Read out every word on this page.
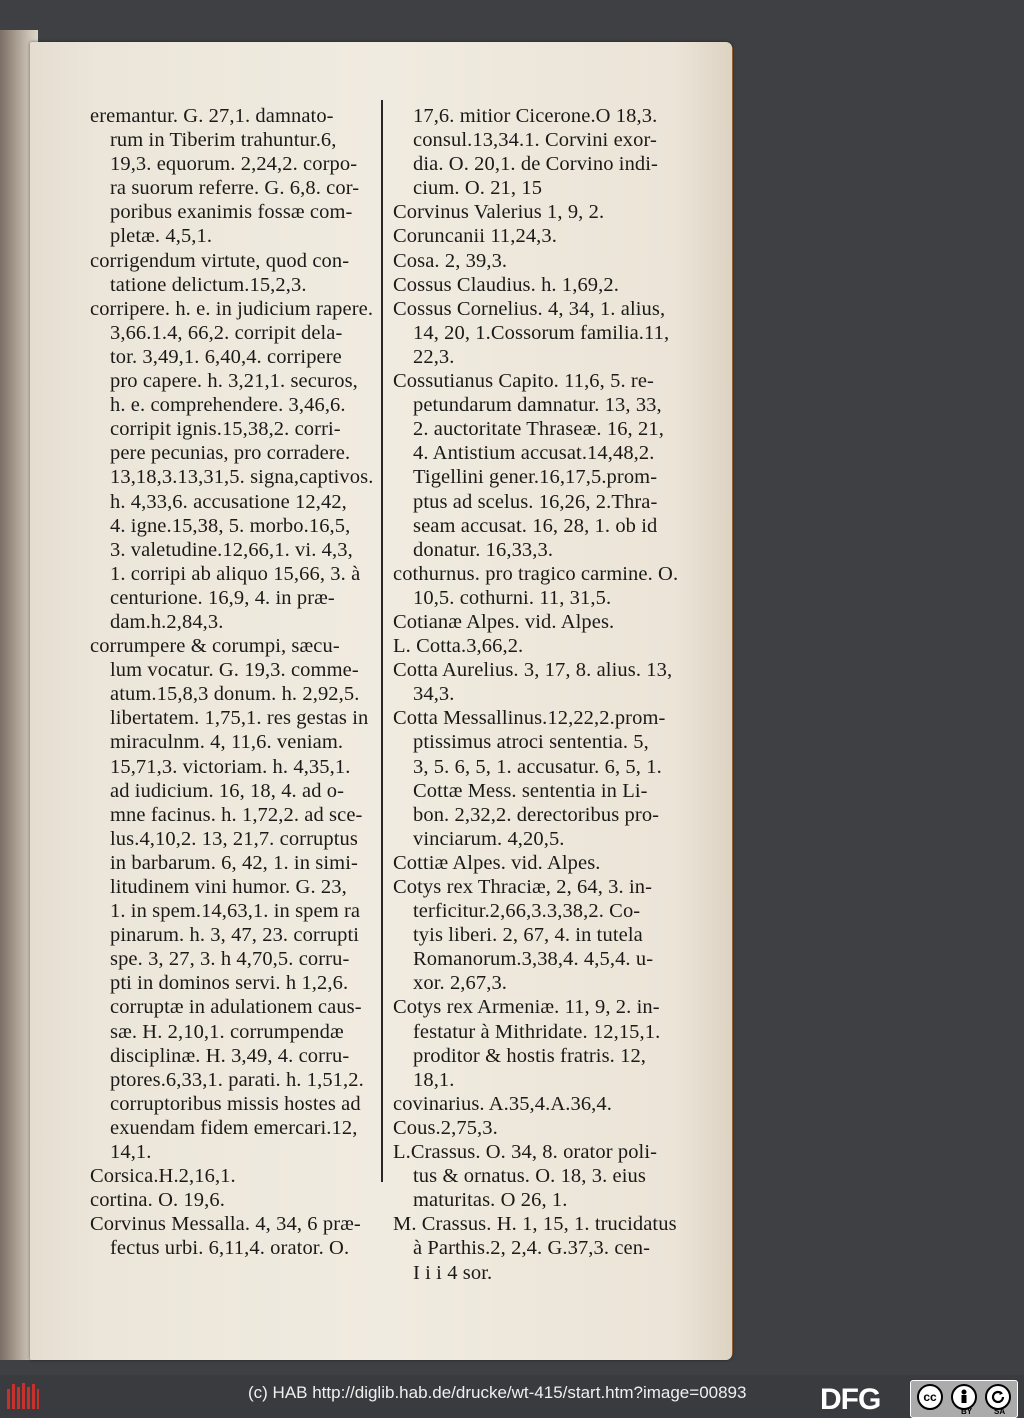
eremantur. G. 27,1. damnato-
rum in Tiberim trahuntur.6,
19,3. equorum. 2,24,2. corpo-
ra suorum referre. G. 6,8. cor-
poribus exanimis fossæ com-
pletæ. 4,5,1.
corrigendum virtute, quod con-
tatione delictum.15,2,3.
corripere. h. e. in judicium rapere.
3,66.1.4, 66,2. corripit dela-
tor. 3,49,1. 6,40,4. corripere
pro capere. h. 3,21,1. securos,
h. e. comprehendere. 3,46,6.
corripit ignis.15,38,2. corri-
pere pecunias, pro corradere.
13,18,3.13,31,5. signa,captivos.
h. 4,33,6. accusatione 12,42,
4. igne.15,38, 5. morbo.16,5,
3. valetudine.12,66,1. vi. 4,3,
1. corripi ab aliquo 15,66, 3. à
centurione. 16,9, 4. in præ-
dam.h.2,84,3.
corrumpere & corumpi, sæcu-
lum vocatur. G. 19,3. comme-
atum.15,8,3 donum. h. 2,92,5.
libertatem. 1,75,1. res gestas in
miraculnm. 4, 11,6. veniam.
15,71,3. victoriam. h. 4,35,1.
ad iudicium. 16, 18, 4. ad o-
mne facinus. h. 1,72,2. ad sce-
lus.4,10,2. 13, 21,7. corruptus
in barbarum. 6, 42, 1. in simi-
litudinem vini humor. G. 23,
1. in spem.14,63,1. in spem ra
pinarum. h. 3, 47, 23. corrupti
spe. 3, 27, 3. h 4,70,5. corru-
pti in dominos servi. h 1,2,6.
corruptæ in adulationem caus-
sæ. H. 2,10,1. corrumpendæ
disciplinæ. H. 3,49, 4. corru-
ptores.6,33,1. parati. h. 1,51,2.
corruptoribus missis hostes ad
exuendam fidem emercari.12,
14,1.
Corsica.H.2,16,1.
cortina. O. 19,6.
Corvinus Messalla. 4, 34, 6 præ-
fectus urbi. 6,11,4. orator. O.
17,6. mitior Cicerone.O 18,3.
consul.13,34.1. Corvini exor-
dia. O. 20,1. de Corvino indi-
cium. O. 21, 15
Corvinus Valerius 1, 9, 2.
Coruncanii 11,24,3.
Cosa. 2, 39,3.
Cossus Claudius. h. 1,69,2.
Cossus Cornelius. 4, 34, 1. alius,
14, 20, 1.Cossorum familia.11,
22,3.
Cossutianus Capito. 11,6, 5. re-
petundarum damnatur. 13, 33,
2. auctoritate Thraseæ. 16, 21,
4. Antistium accusat.14,48,2.
Tigellini gener.16,17,5.prom-
ptus ad scelus. 16,26, 2.Thra-
seam accusat. 16, 28, 1. ob id
donatur. 16,33,3.
cothurnus. pro tragico carmine. O.
10,5. cothurni. 11, 31,5.
Cotianæ Alpes. vid. Alpes.
L. Cotta.3,66,2.
Cotta Aurelius. 3, 17, 8. alius. 13,
34,3.
Cotta Messallinus.12,22,2.prom-
ptissimus atroci sententia. 5,
3, 5. 6, 5, 1. accusatur. 6, 5, 1.
Cottæ Mess. sententia in Li-
bon. 2,32,2. derectoribus pro-
vinciarum. 4,20,5.
Cottiæ Alpes. vid. Alpes.
Cotys rex Thraciæ, 2, 64, 3. in-
terficitur.2,66,3.3,38,2. Co-
tyis liberi. 2, 67, 4. in tutela
Romanorum.3,38,4. 4,5,4. u-
xor. 2,67,3.
Cotys rex Armeniæ. 11, 9, 2. in-
festatur à Mithridate. 12,15,1.
proditor & hostis fratris. 12,
18,1.
covinarius. A.35,4.A.36,4.
Cous.2,75,3.
L.Crassus. O. 34, 8. orator poli-
tus & ornatus. O. 18, 3. eius
maturitas. O 26, 1.
M. Crassus. H. 1, 15, 1. trucidatus
à Parthis.2, 2,4. G.37,3. cen-
I i i 4 sor.
(c) HAB http://diglib.hab.de/drucke/wt-415/start.htm?image=00893 DFG	cc
BY	SA
